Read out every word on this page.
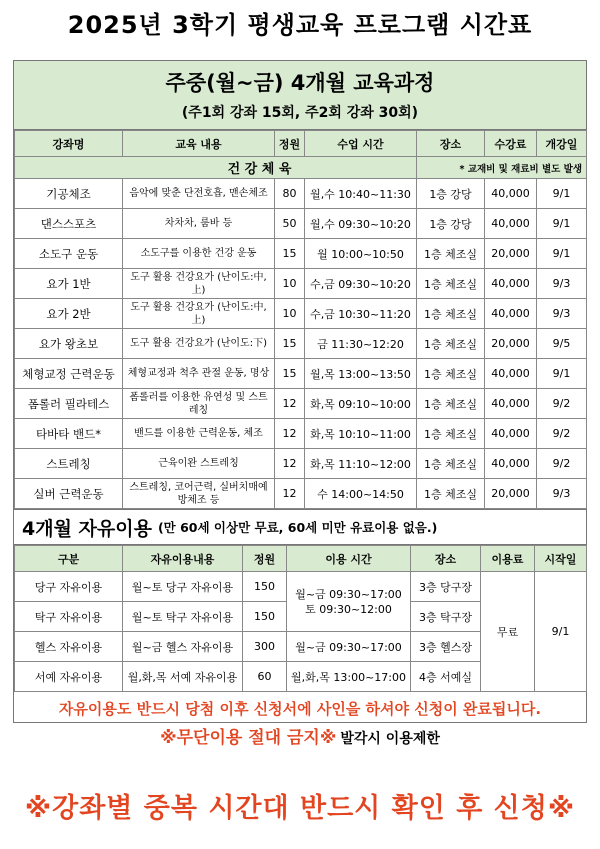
2025년 3학기 평생교육 프로그램 시간표
주중(월~금) 4개월 교육과정
(주1회 강좌 15회, 주2회 강좌 30회)
강좌명	교육 내용	정원	수업 시간	장소	수강료	개강일
건 강 체 육				* 교재비 및 재료비 별도 발생		
기공체조	음악에 맞춘 단전호흡, 맨손체조	80	월,수 10:40~11:30	1층 강당	40,000	9/1
댄스스포츠	차차차, 룸바 등	50	월,수 09:30~10:20	1층 강당	40,000	9/1
소도구 운동	소도구를 이용한 건강 운동	15	월 10:00~10:50	1층 체조실	20,000	9/1
요가 1반	도구 활용 건강요가 (난이도:中,上)	10	수,금 09:30~10:20	1층 체조실	40,000	9/3
요가 2반	도구 활용 건강요가 (난이도:中,上)	10	수,금 10:30~11:20	1층 체조실	40,000	9/3
요가 왕초보	도구 활용 건강요가 (난이도:下)	15	금 11:30~12:20	1층 체조실	20,000	9/5
체형교정 근력운동	체형교정과 척추 관절 운동, 명상	15	월,목 13:00~13:50	1층 체조실	40,000	9/1
폼롤러 필라테스	폼롤러를 이용한 유연성 및 스트레칭	12	화,목 09:10~10:00	1층 체조실	40,000	9/2
타바타 밴드*	밴드를 이용한 근력운동, 체조	12	화,목 10:10~11:00	1층 체조실	40,000	9/2
스트레칭	근육이완 스트레칭	12	화,목 11:10~12:00	1층 체조실	40,000	9/2
실버 근력운동	스트레칭, 코어근력, 실버치매예방체조 등	12	수 14:00~14:50	1층 체조실	20,000	9/3
4개월 자유이용 (만 60세 이상만 무료, 60세 미만 유료이용 없음.)
구분	자유이용내용	정원	이용 시간	장소	이용료	시작일
당구 자유이용	월~토 당구 자유이용	150	월~금 09:30~17:00 토 09:30~12:00	3층 당구장	무료	9/1
탁구 자유이용	월~토 탁구 자유이용	150		3층 탁구장		
헬스 자유이용	월~금 헬스 자유이용	300	월~금 09:30~17:00	3층 헬스장		
서예 자유이용	월,화,목 서예 자유이용	60	월,화,목 13:00~17:00	4층 서예실		
자유이용도 반드시 당첨 이후 신청서에 사인을 하셔야 신청이 완료됩니다.
※무단이용 절대 금지※ 발각시 이용제한
※강좌별 중복 시간대 반드시 확인 후 신청※
